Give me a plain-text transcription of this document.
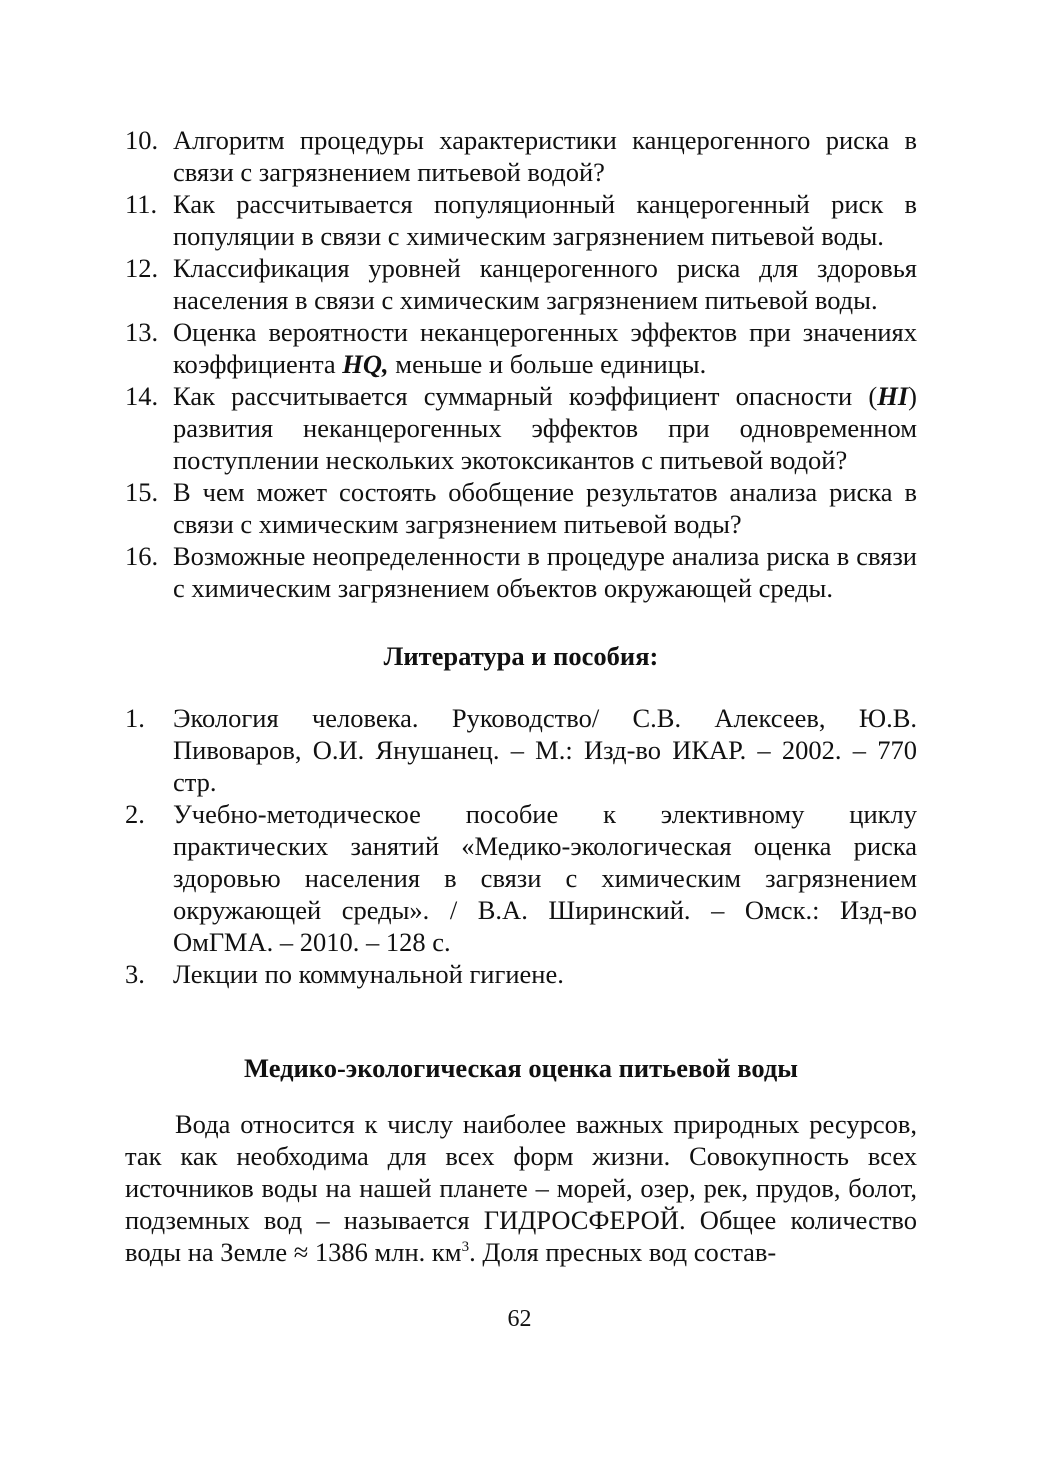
10. Алгоритм процедуры характеристики канцерогенного риска в связи с загрязнением питьевой водой?
11. Как рассчитывается популяционный канцерогенный риск в популяции в связи с химическим загрязнением питьевой воды.
12. Классификация уровней канцерогенного риска для здоровья населения в связи с химическим загрязнением питьевой воды.
13. Оценка вероятности неканцерогенных эффектов при значениях коэффициента HQ, меньше и больше единицы.
14. Как рассчитывается суммарный коэффициент опасности (HI) развития неканцерогенных эффектов при одновременном поступлении нескольких экотоксикантов с питьевой водой?
15. В чем может состоять обобщение результатов анализа риска в связи с химическим загрязнением питьевой воды?
16. Возможные неопределенности в процедуре анализа риска в связи с химическим загрязнением объектов окружающей среды.
Литература и пособия:
1.	Экология человека. Руководство/ С.В. Алексеев, Ю.В. Пивоваров, О.И. Янушанец. – М.: Изд-во ИКАР. – 2002. – 770 стр.
2.	Учебно-методическое пособие к элективному циклу практических занятий «Медико-экологическая оценка риска здоровью населения в связи с химическим загрязнением окружающей среды». / В.А. Ширинский. – Омск.: Изд-во ОмГМА. – 2010. – 128 с.
3.	Лекции по коммунальной гигиене.
Медико-экологическая оценка питьевой воды

Вода относится к числу наиболее важных природных ресурсов, так как необходима для всех форм жизни. Совокупность всех источников воды на нашей планете – морей, озер, рек, прудов, болот, подземных вод – называется ГИДРОСФЕРОЙ. Общее количество воды на Земле ≈ 1386 млн. $км^3$. Доля пресных вод состав-

62
